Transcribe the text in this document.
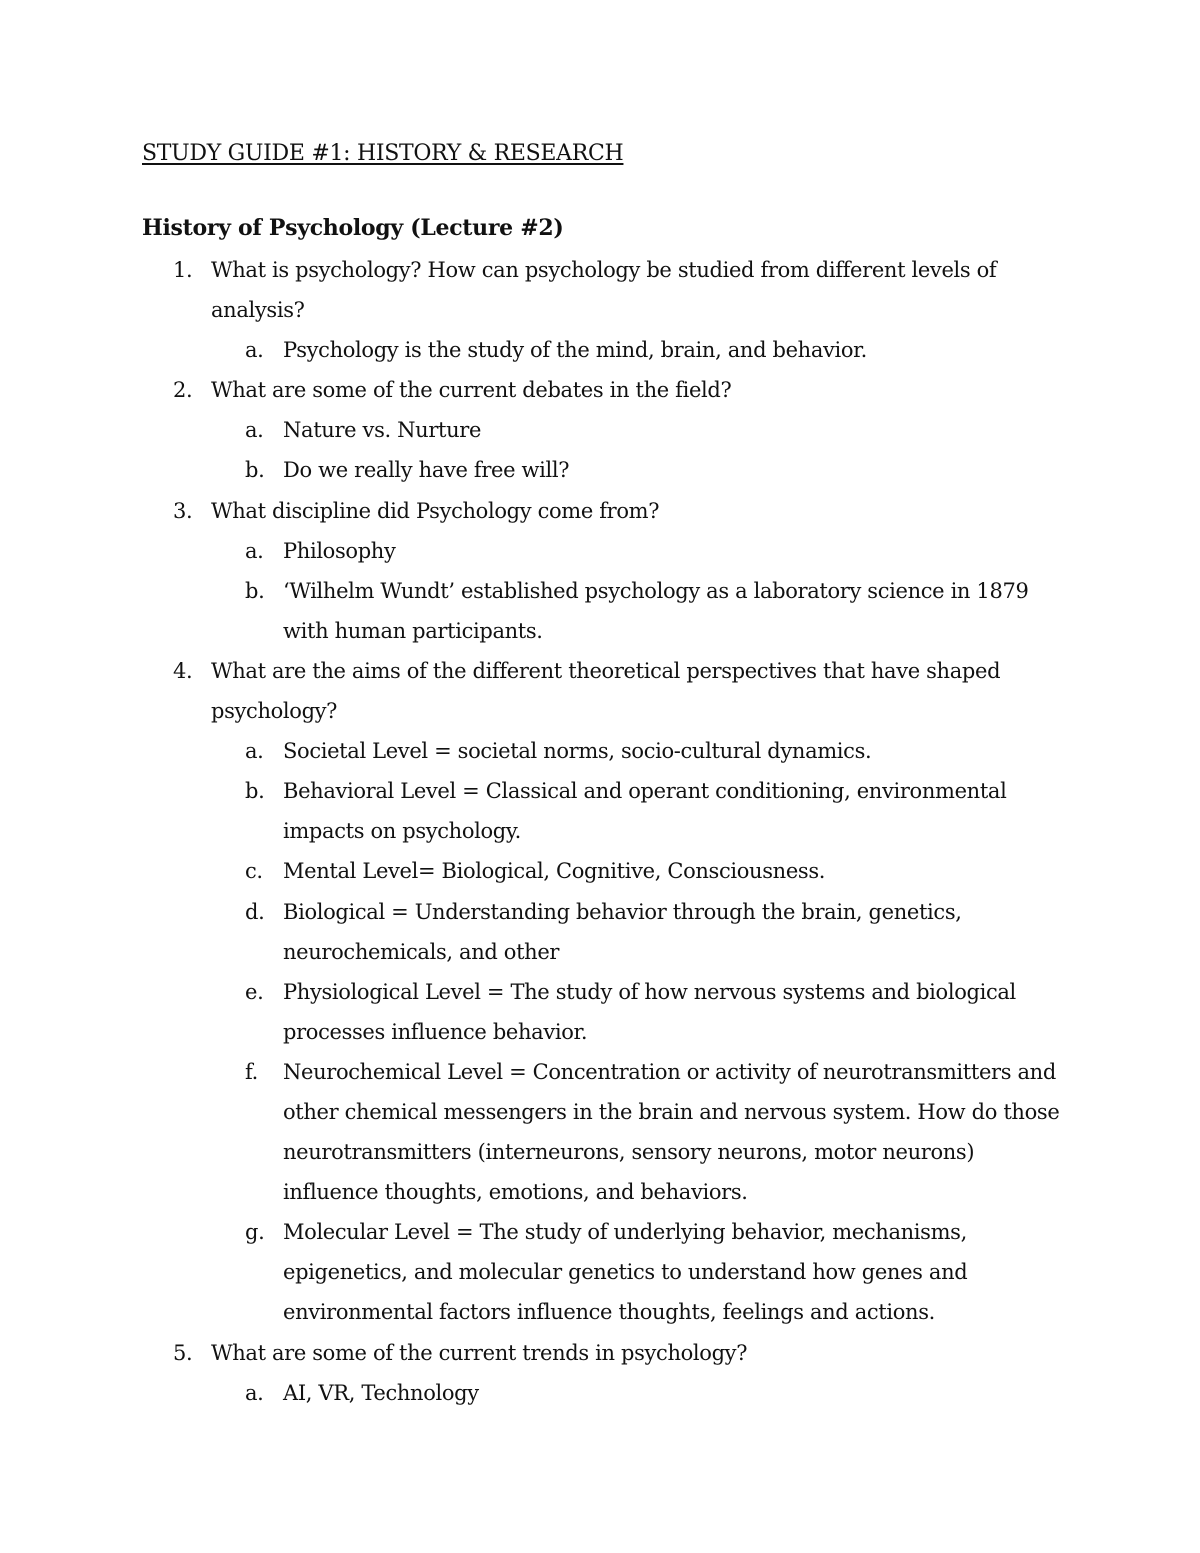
STUDY GUIDE #1: HISTORY & RESEARCH
History of Psychology (Lecture #2)
1. What is psychology? How can psychology be studied from different levels of
analysis?
a. Psychology is the study of the mind, brain, and behavior.
2. What are some of the current debates in the field?
a. Nature vs. Nurture
b. Do we really have free will?
3. What discipline did Psychology come from?
a. Philosophy
b. ‘Wilhelm Wundt’ established psychology as a laboratory science in 1879
with human participants.
4. What are the aims of the different theoretical perspectives that have shaped
psychology?
a. Societal Level = societal norms, socio-cultural dynamics.
b. Behavioral Level = Classical and operant conditioning, environmental
impacts on psychology.
c. Mental Level= Biological, Cognitive, Consciousness.
d. Biological = Understanding behavior through the brain, genetics,
neurochemicals, and other
e. Physiological Level = The study of how nervous systems and biological
processes influence behavior.
f.	Neurochemical Level = Concentration or activity of neurotransmitters and
other chemical messengers in the brain and nervous system. How do those
neurotransmitters (interneurons, sensory neurons, motor neurons)
influence thoughts, emotions, and behaviors.
g. Molecular Level = The study of underlying behavior, mechanisms,
epigenetics, and molecular genetics to understand how genes and
environmental factors influence thoughts, feelings and actions.
5. What are some of the current trends in psychology?
a. AI, VR, Technology
